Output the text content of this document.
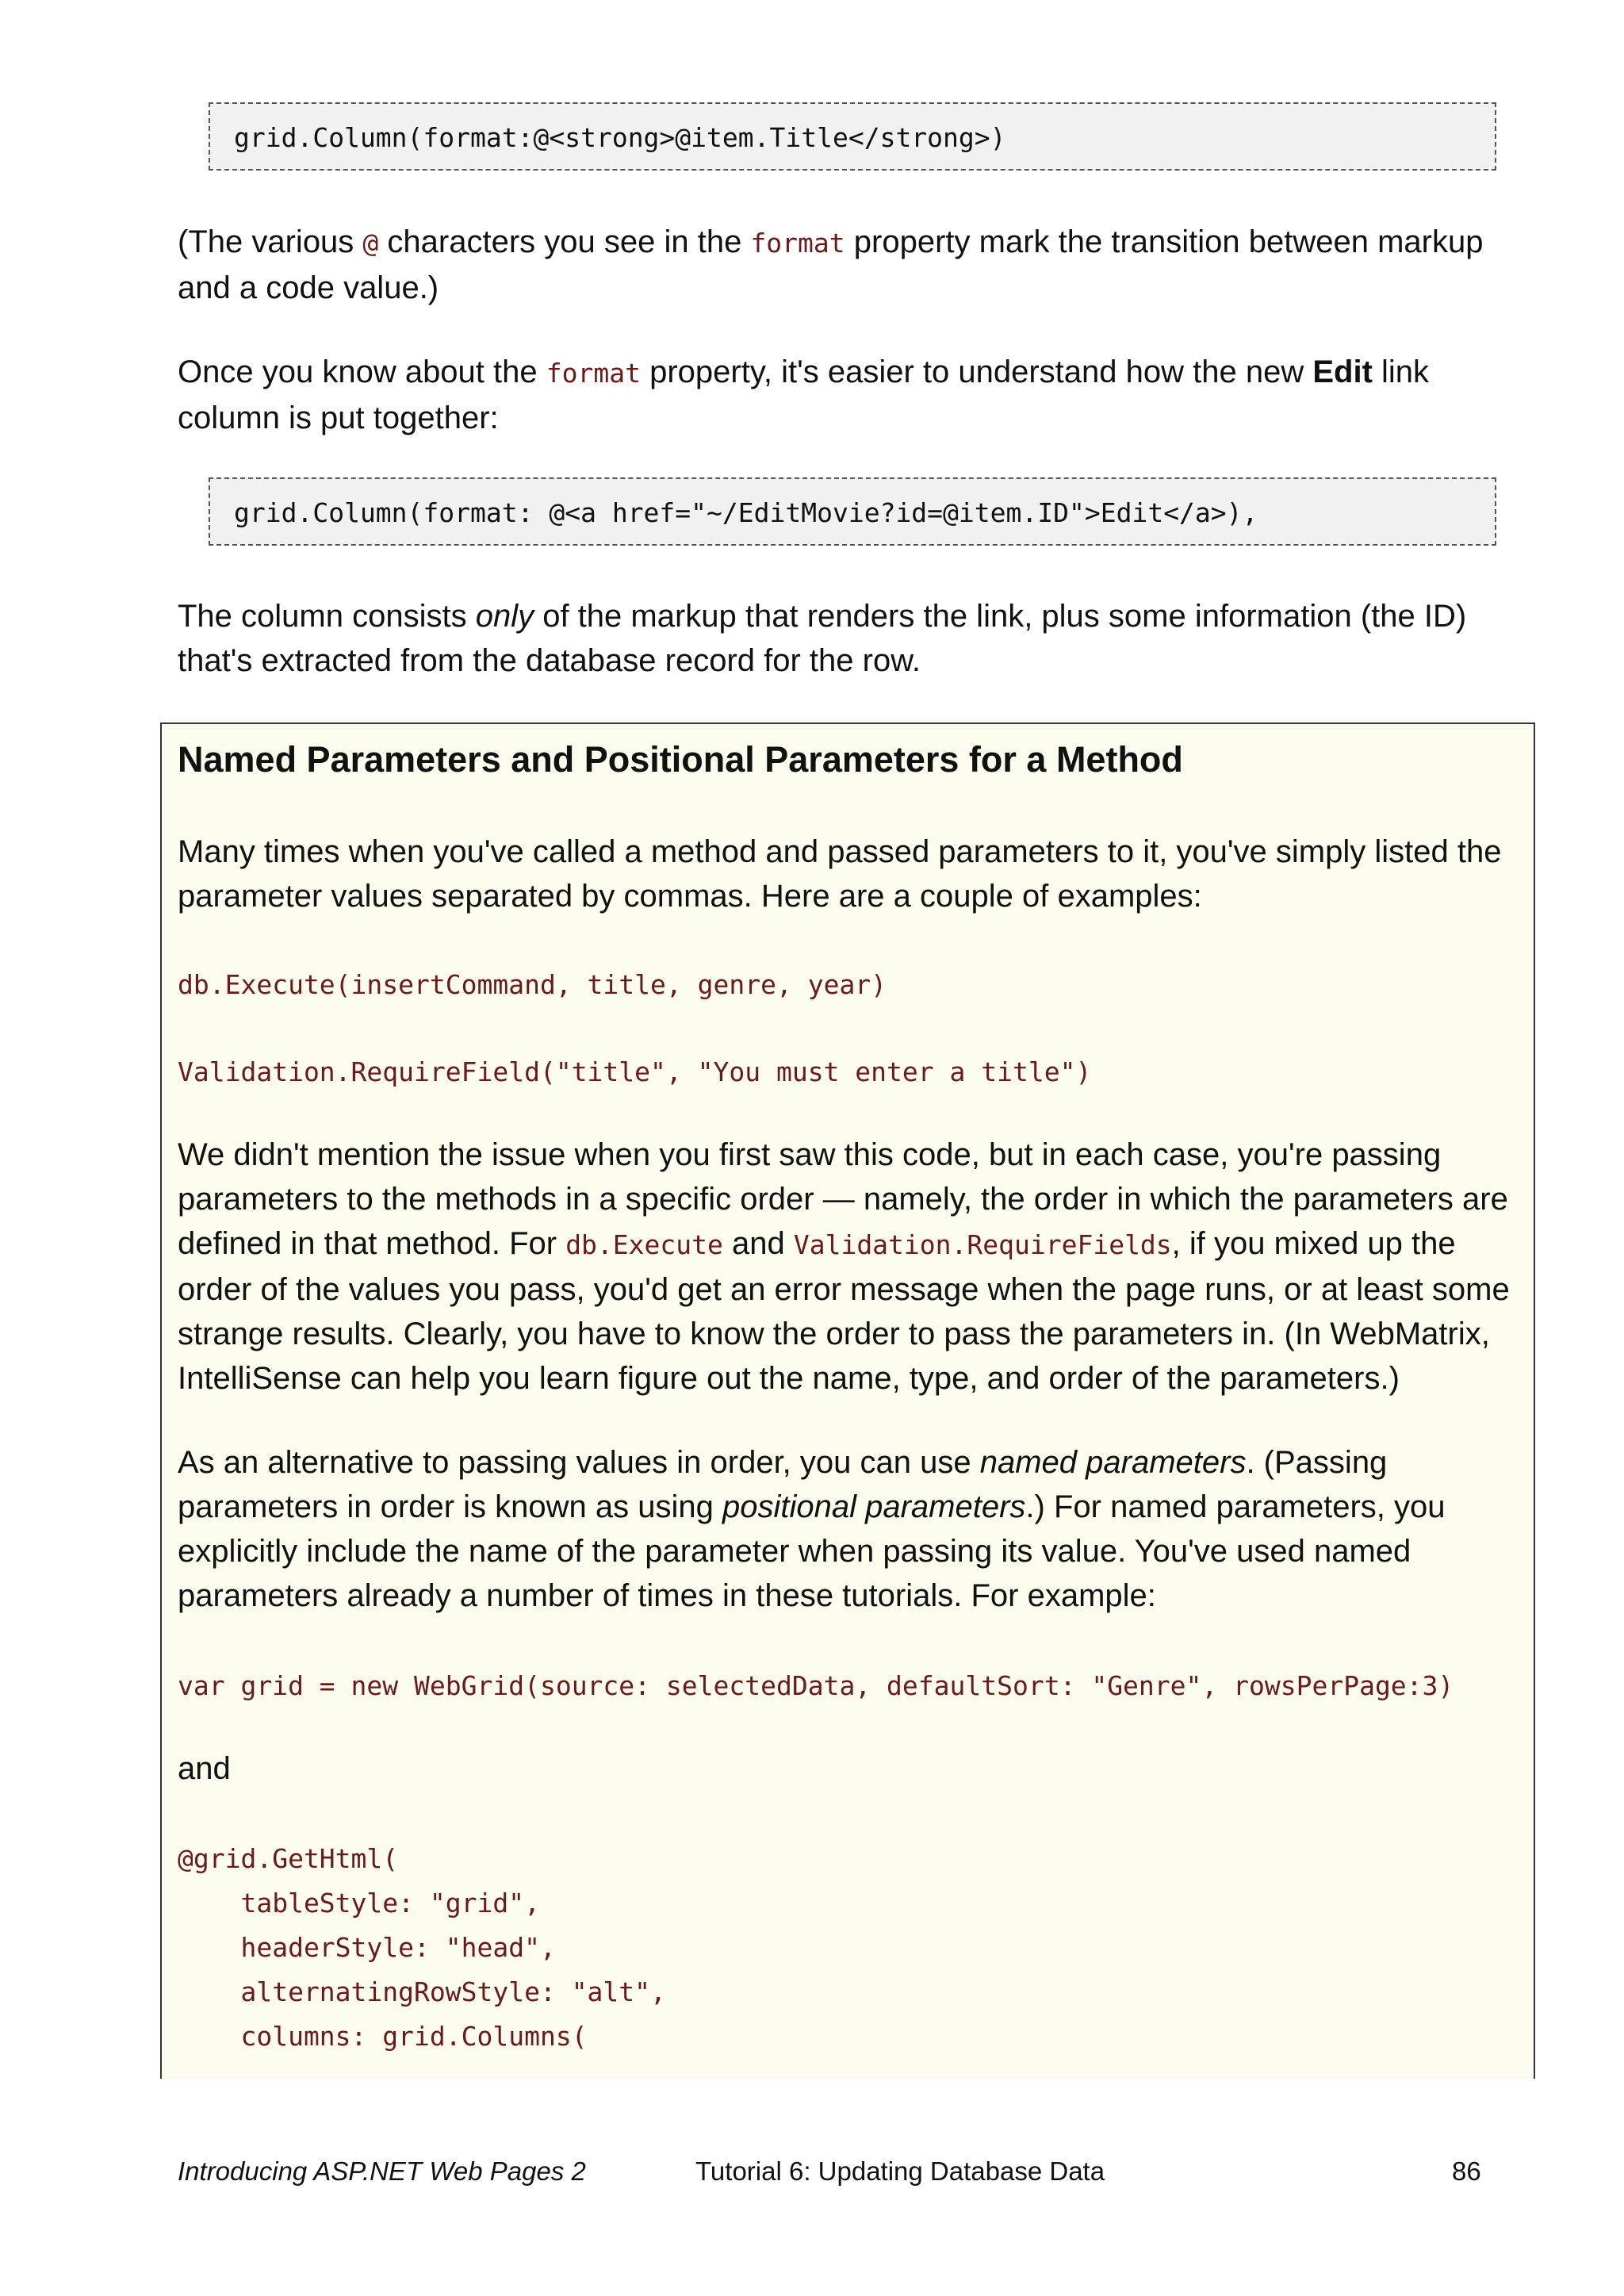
grid.Column(format:@<strong>@item.Title</strong>)

(The various @ characters you see in the format property mark the transition between markup and a code value.)

Once you know about the format property, it's easier to understand how the new Edit link column is put together:

grid.Column(format: @<a href="~/EditMovie?id=@item.ID">Edit</a>),

The column consists only of the markup that renders the link, plus some information (the ID) that's extracted from the database record for the row.

Named Parameters and Positional Parameters for a Method

Many times when you've called a method and passed parameters to it, you've simply listed the parameter values separated by commas. Here are a couple of examples:

db.Execute(insertCommand, title, genre, year)
Validation.RequireField("title", "You must enter a title")

We didn't mention the issue when you first saw this code, but in each case, you're passing parameters to the methods in a specific order — namely, the order in which the parameters are defined in that method. For db.Execute and Validation.RequireFields, if you mixed up the order of the values you pass, you'd get an error message when the page runs, or at least some strange results. Clearly, you have to know the order to pass the parameters in. (In WebMatrix, IntelliSense can help you learn figure out the name, type, and order of the parameters.)

As an alternative to passing values in order, you can use named parameters. (Passing parameters in order is known as using positional parameters.) For named parameters, you explicitly include the name of the parameter when passing its value. You've used named parameters already a number of times in these tutorials. For example:

var grid = new WebGrid(source: selectedData, defaultSort: "Genre", rowsPerPage:3)

and

@grid.GetHtml(
tableStyle: "grid",
headerStyle: "head",
alternatingRowStyle: "alt",
columns: grid.Columns(
Introducing ASP.NET Web Pages 2	Tutorial 6: Updating Database Data	86
